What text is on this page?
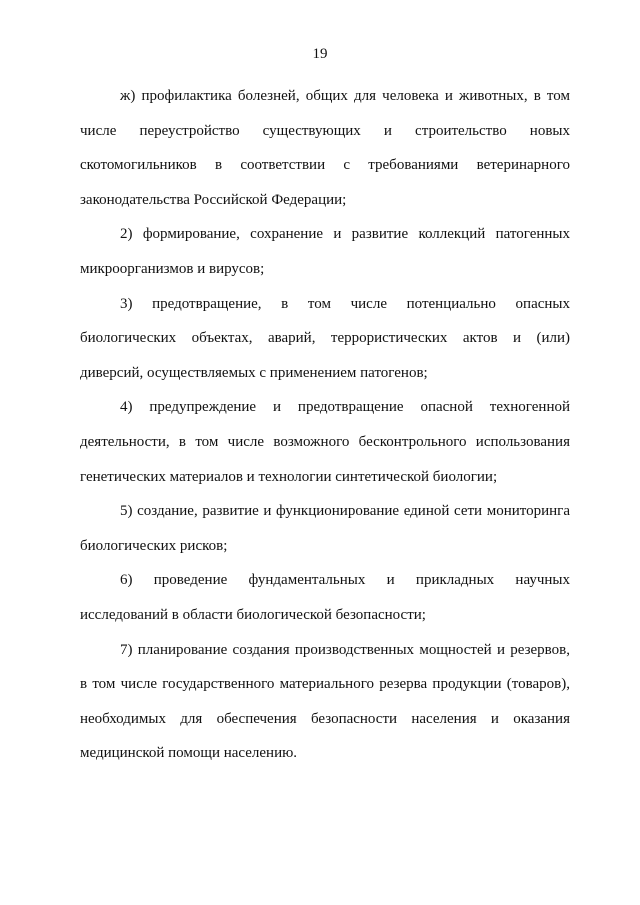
19

ж) профилактика болезней, общих для человека и животных, в том
числе переустройство существующих и строительство новых
скотомогильников в соответствии с требованиями ветеринарного
законодательства Российской Федерации;

2) формирование, сохранение и развитие коллекций патогенных
микроорганизмов и вирусов;

3) предотвращение, в том числе потенциально опасных
биологических объектах, аварий, террористических актов и (или)
диверсий, осуществляемых с применением патогенов;

4) предупреждение и предотвращение опасной техногенной
деятельности, в том числе возможного бесконтрольного использования
генетических материалов и технологии синтетической биологии;

5) создание, развитие и функционирование единой сети мониторинга
биологических рисков;

6) проведение фундаментальных и прикладных научных
исследований в области биологической безопасности;

7) планирование создания производственных мощностей и резервов,
в том числе государственного материального резерва продукции (товаров),
необходимых для обеспечения безопасности населения и оказания
медицинской помощи населению.
